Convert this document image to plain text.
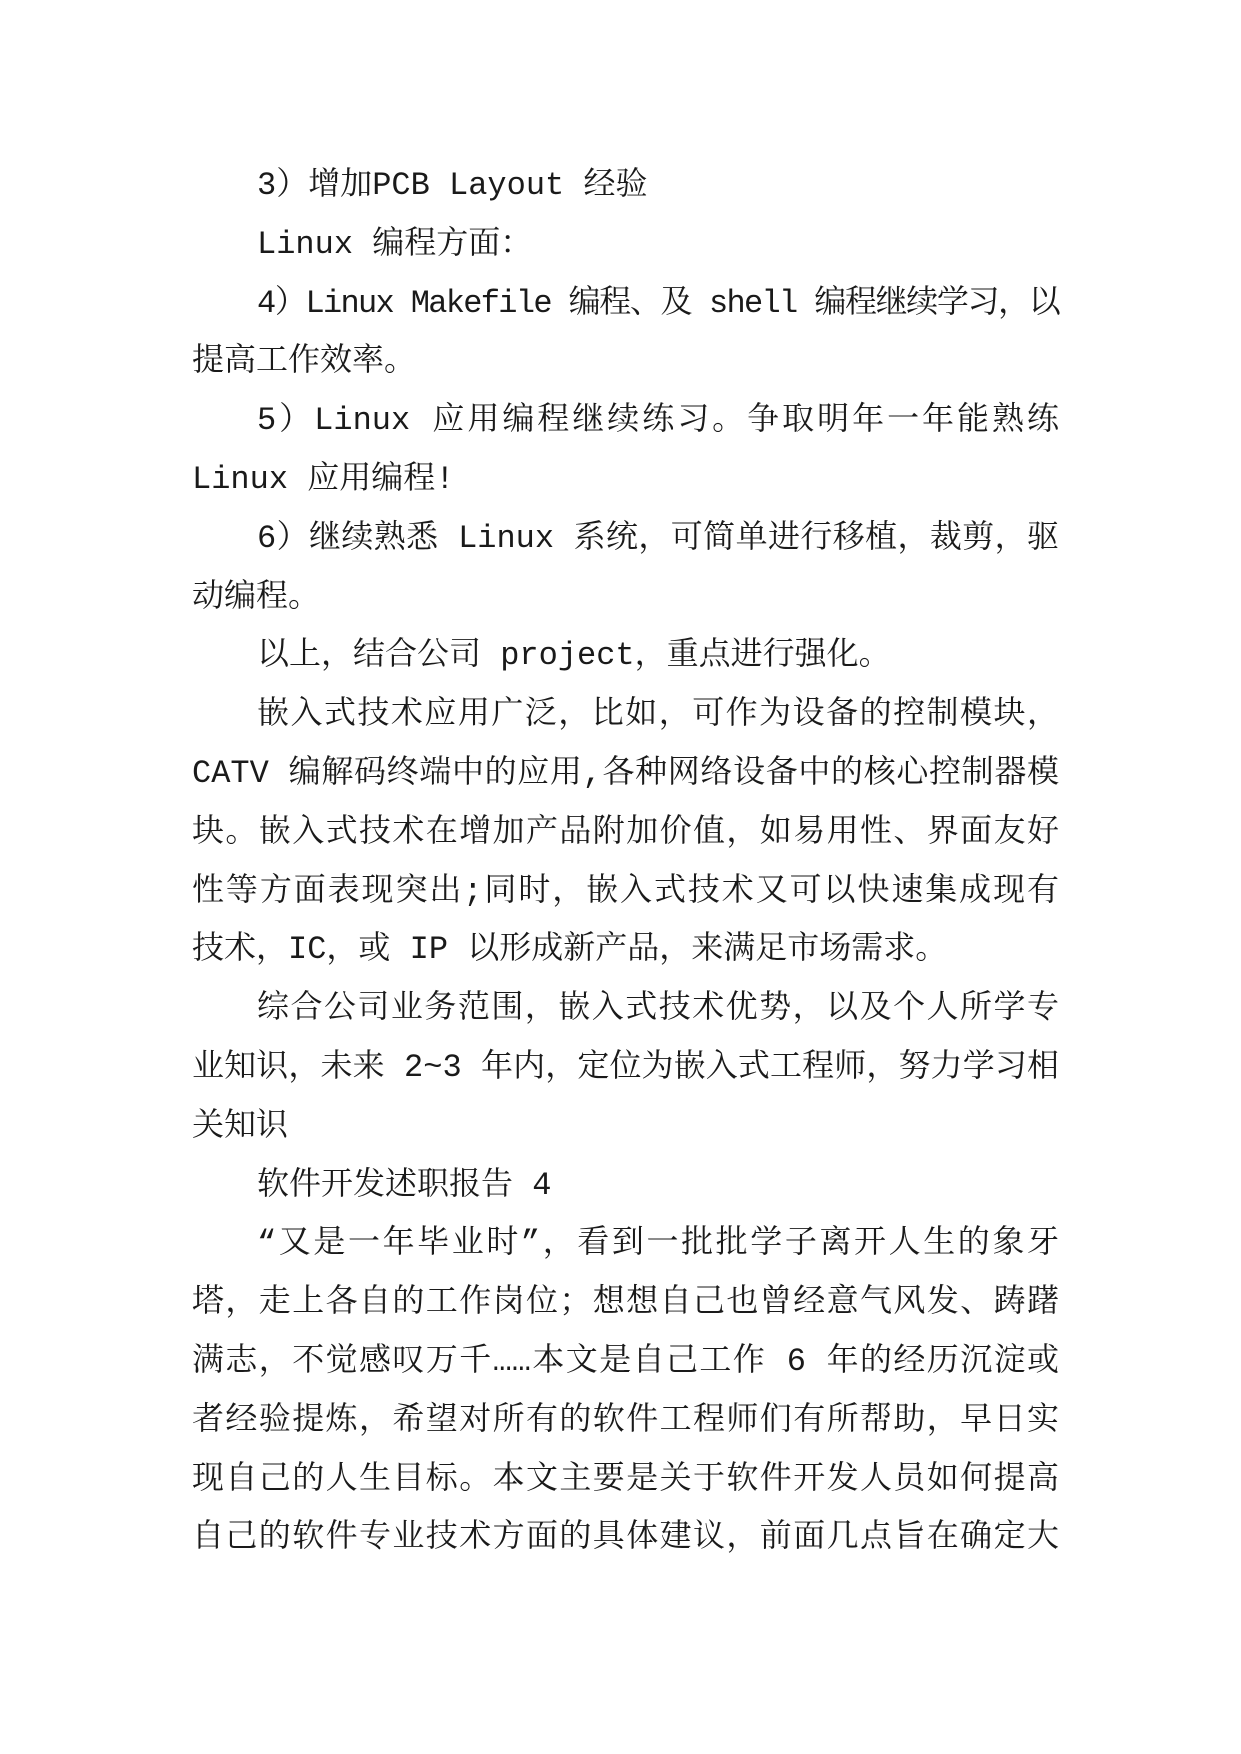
3）增加PCB Layout 经验
Linux 编程方面：
4）Linux Makefile 编程、及 shell 编程继续学习，以
提高工作效率。
5）Linux 应用编程继续练习。争取明年一年能熟练
Linux 应用编程!
6）继续熟悉 Linux 系统，可简单进行移植，裁剪，驱
动编程。
以上，结合公司 project，重点进行强化。
嵌入式技术应用广泛，比如，可作为设备的控制模块，
CATV 编解码终端中的应用,各种网络设备中的核心控制器模
块。嵌入式技术在增加产品附加价值，如易用性、界面友好
性等方面表现突出;同时，嵌入式技术又可以快速集成现有
技术，IC，或 IP 以形成新产品，来满足市场需求。
综合公司业务范围，嵌入式技术优势，以及个人所学专
业知识，未来 2~3 年内，定位为嵌入式工程师，努力学习相
关知识
软件开发述职报告 4
“又是一年毕业时”，看到一批批学子离开人生的象牙
塔，走上各自的工作岗位；想想自己也曾经意气风发、踌躇
满志，不觉感叹万千……本文是自己工作 6 年的经历沉淀或
者经验提炼，希望对所有的软件工程师们有所帮助，早日实
现自己的人生目标。本文主要是关于软件开发人员如何提高
自己的软件专业技术方面的具体建议，前面几点旨在确定大
